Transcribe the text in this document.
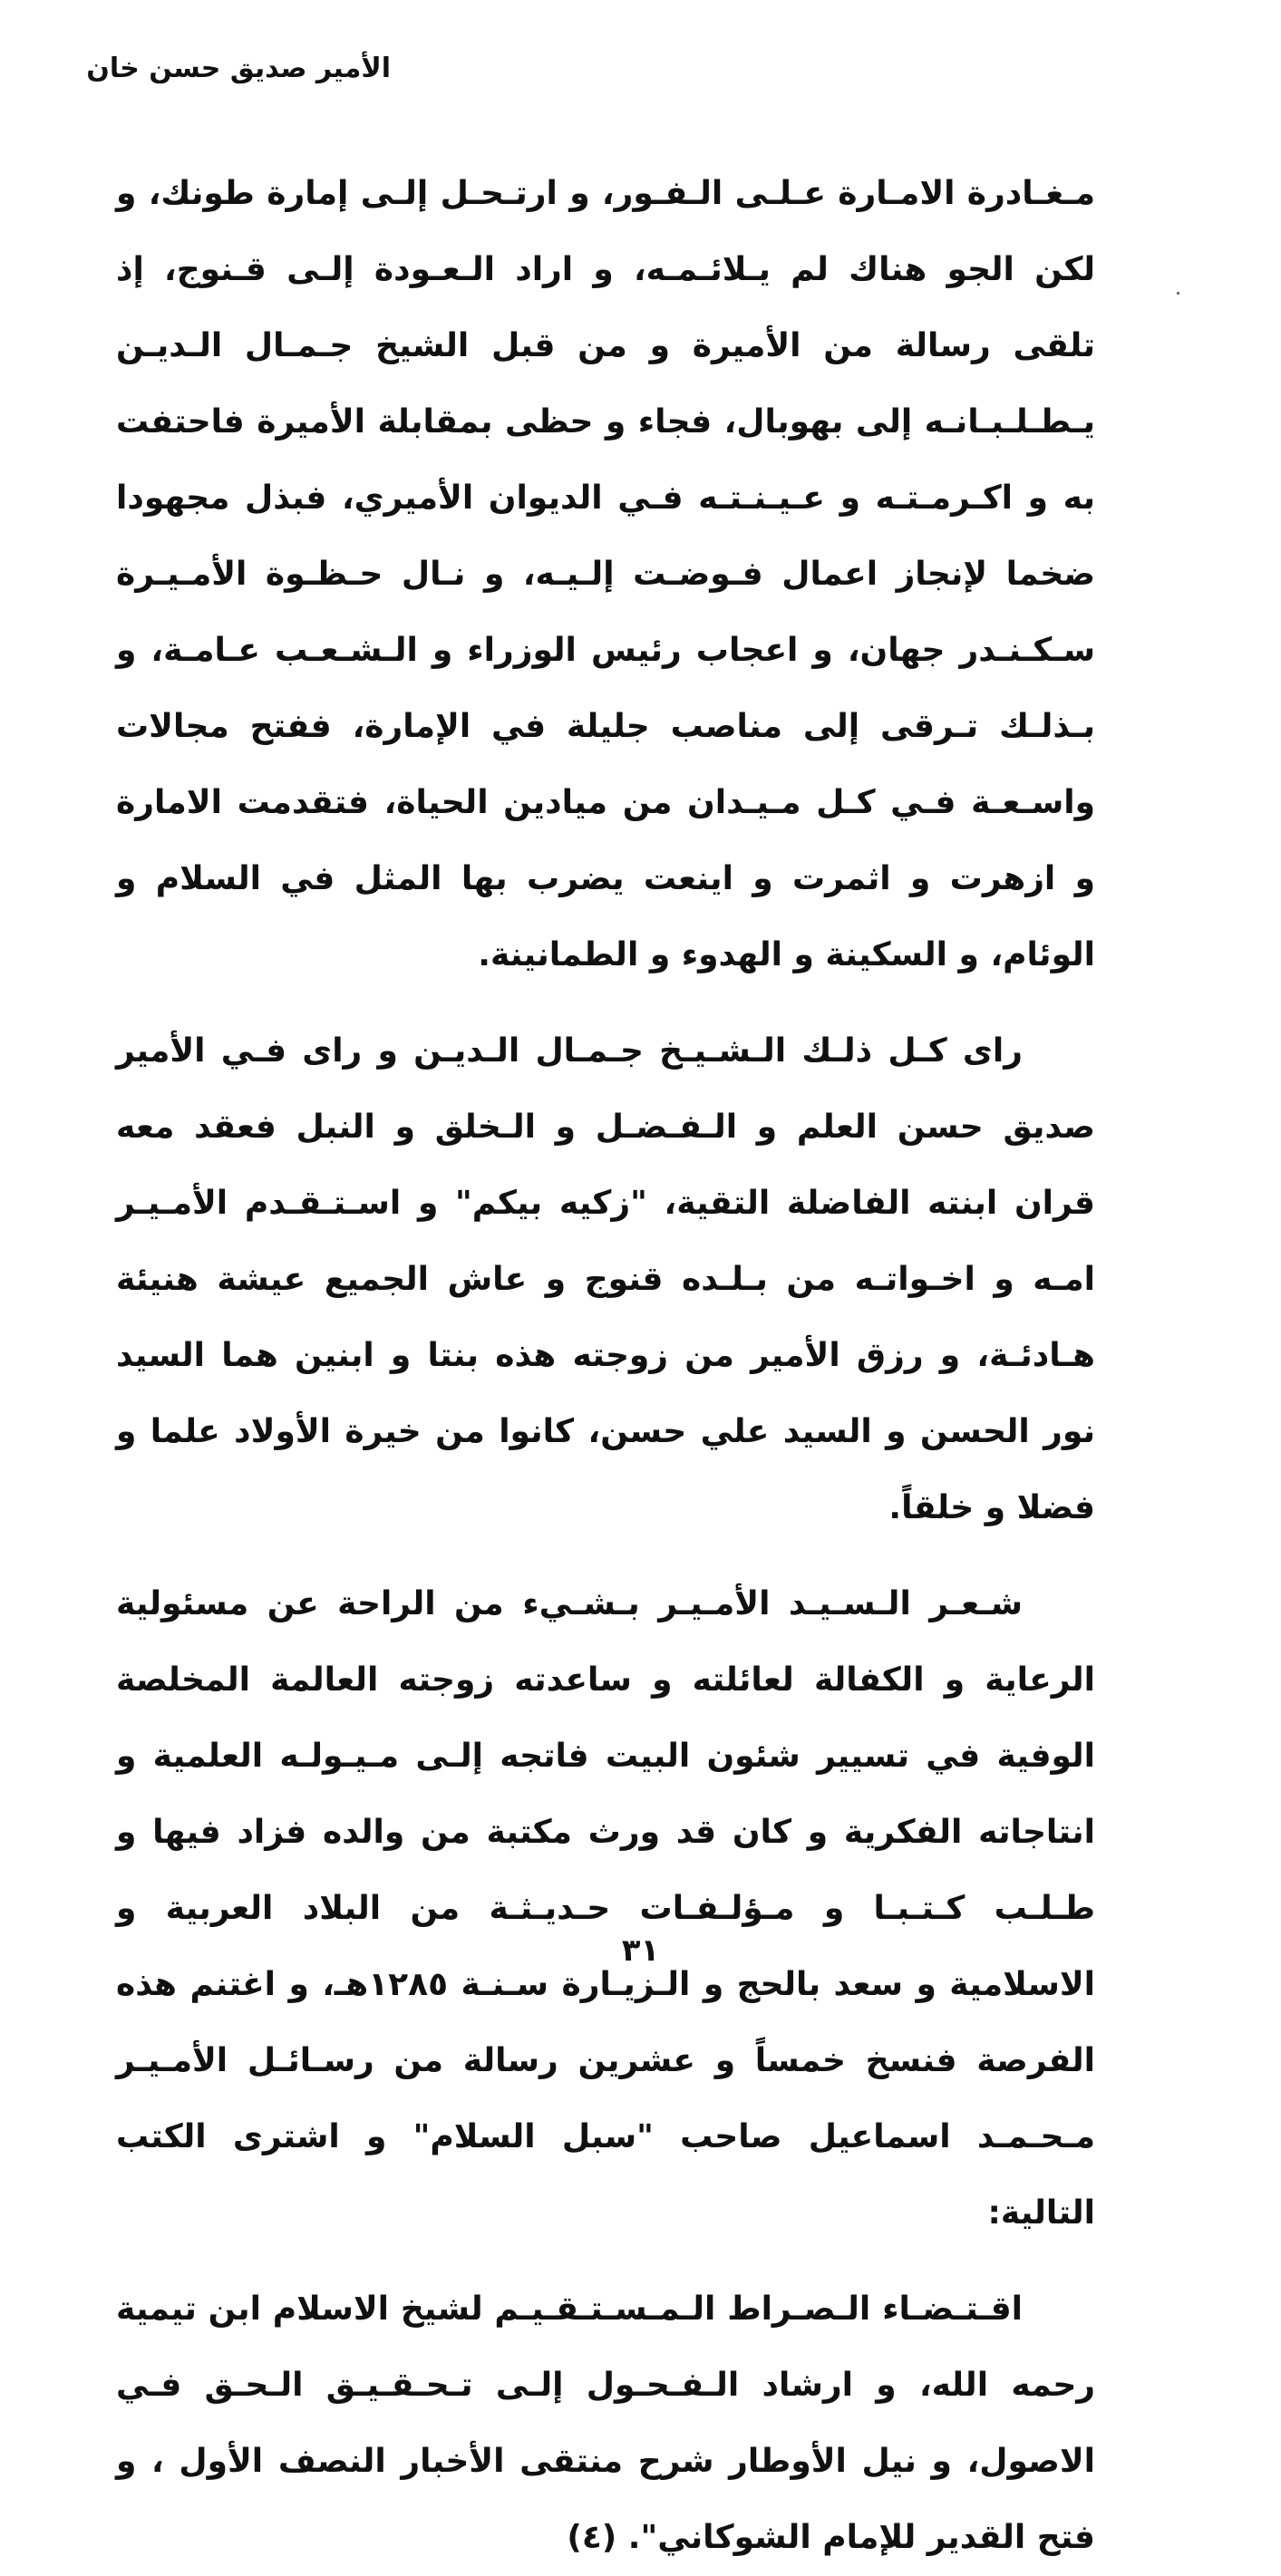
الأمير صديق حسن خان

مـغـادرة الامـارة عـلـى الـفـور، و ارتـحـل إلـى إمارة طونك، و لكن الجو هناك لم يـلائـمـه، و اراد الـعـودة إلـى قـنوج، إذ تلقى رسالة من الأميرة و من قبل الشيخ جـمـال الـديـن يـطـلـبـانـه إلى بهوبال، فجاء و حظى بمقابلة الأميرة فاحتفت به و اكـرمـتـه و عـيـنـتـه فـي الديوان الأميري، فبذل مجهودا ضخما لإنجاز اعمال فـوضـت إلـيـه، و نـال حـظـوة الأمـيـرة سـكـنـدر جهان، و اعجاب رئيس الوزراء و الـشـعـب عـامـة، و بـذلـك تـرقى إلى مناصب جليلة في الإمارة، ففتح مجالات واسـعـة فـي كـل مـيـدان من ميادين الحياة، فتقدمت الامارة و ازهرت و اثمرت و اينعت يضرب بها المثل في السلام و الوئام، و السكينة و الهدوء و الطمانينة.

راى كـل ذلـك الـشـيـخ جـمـال الـديـن و راى فـي الأمير صديق حسن العلم و الـفـضـل و الـخلق و النبل فعقد معه قران ابنته الفاضلة التقية، "زكيه بيكم" و اسـتـقـدم الأمـيـر امـه و اخـواتـه من بـلـده قنوج و عاش الجميع عيشة هنيئة هـادئـة، و رزق الأمير من زوجته هذه بنتا و ابنين هما السيد نور الحسن و السيد علي حسن، كانوا من خيرة الأولاد علما و فضلا و خلقاً.

شـعـر الـسـيـد الأمـيـر بـشـيء من الراحة عن مسئولية الرعاية و الكفالة لعائلته و ساعدته زوجته العالمة المخلصة الوفية في تسيير شئون البيت فاتجه إلـى مـيـولـه العلمية و انتاجاته الفكرية و كان قد ورث مكتبة من والده فزاد فيها و طـلـب كـتـبـا و مـؤلـفـات حـديـثـة من البلاد العربية و الاسلامية و سعد بالحج و الـزيـارة سـنـة ١٢٨٥هـ، و اغتنم هذه الفرصة فنسخ خمساً و عشرين رسالة من رسـائـل الأمـيـر مـحـمـد اسماعيل صاحب "سبل السلام" و اشترى الكتب التالية:

اقـتـضـاء الـصـراط الـمـسـتـقـيـم لشيخ الاسلام ابن تيمية رحمه الله، و ارشاد الـفـحـول إلـى تـحـقـيـق الـحـق فـي الاصول، و نيل الأوطار شرح منتقى الأخبار النصف الأول ، و فتح القدير للإمام الشوكاني". (٤)

٣١
